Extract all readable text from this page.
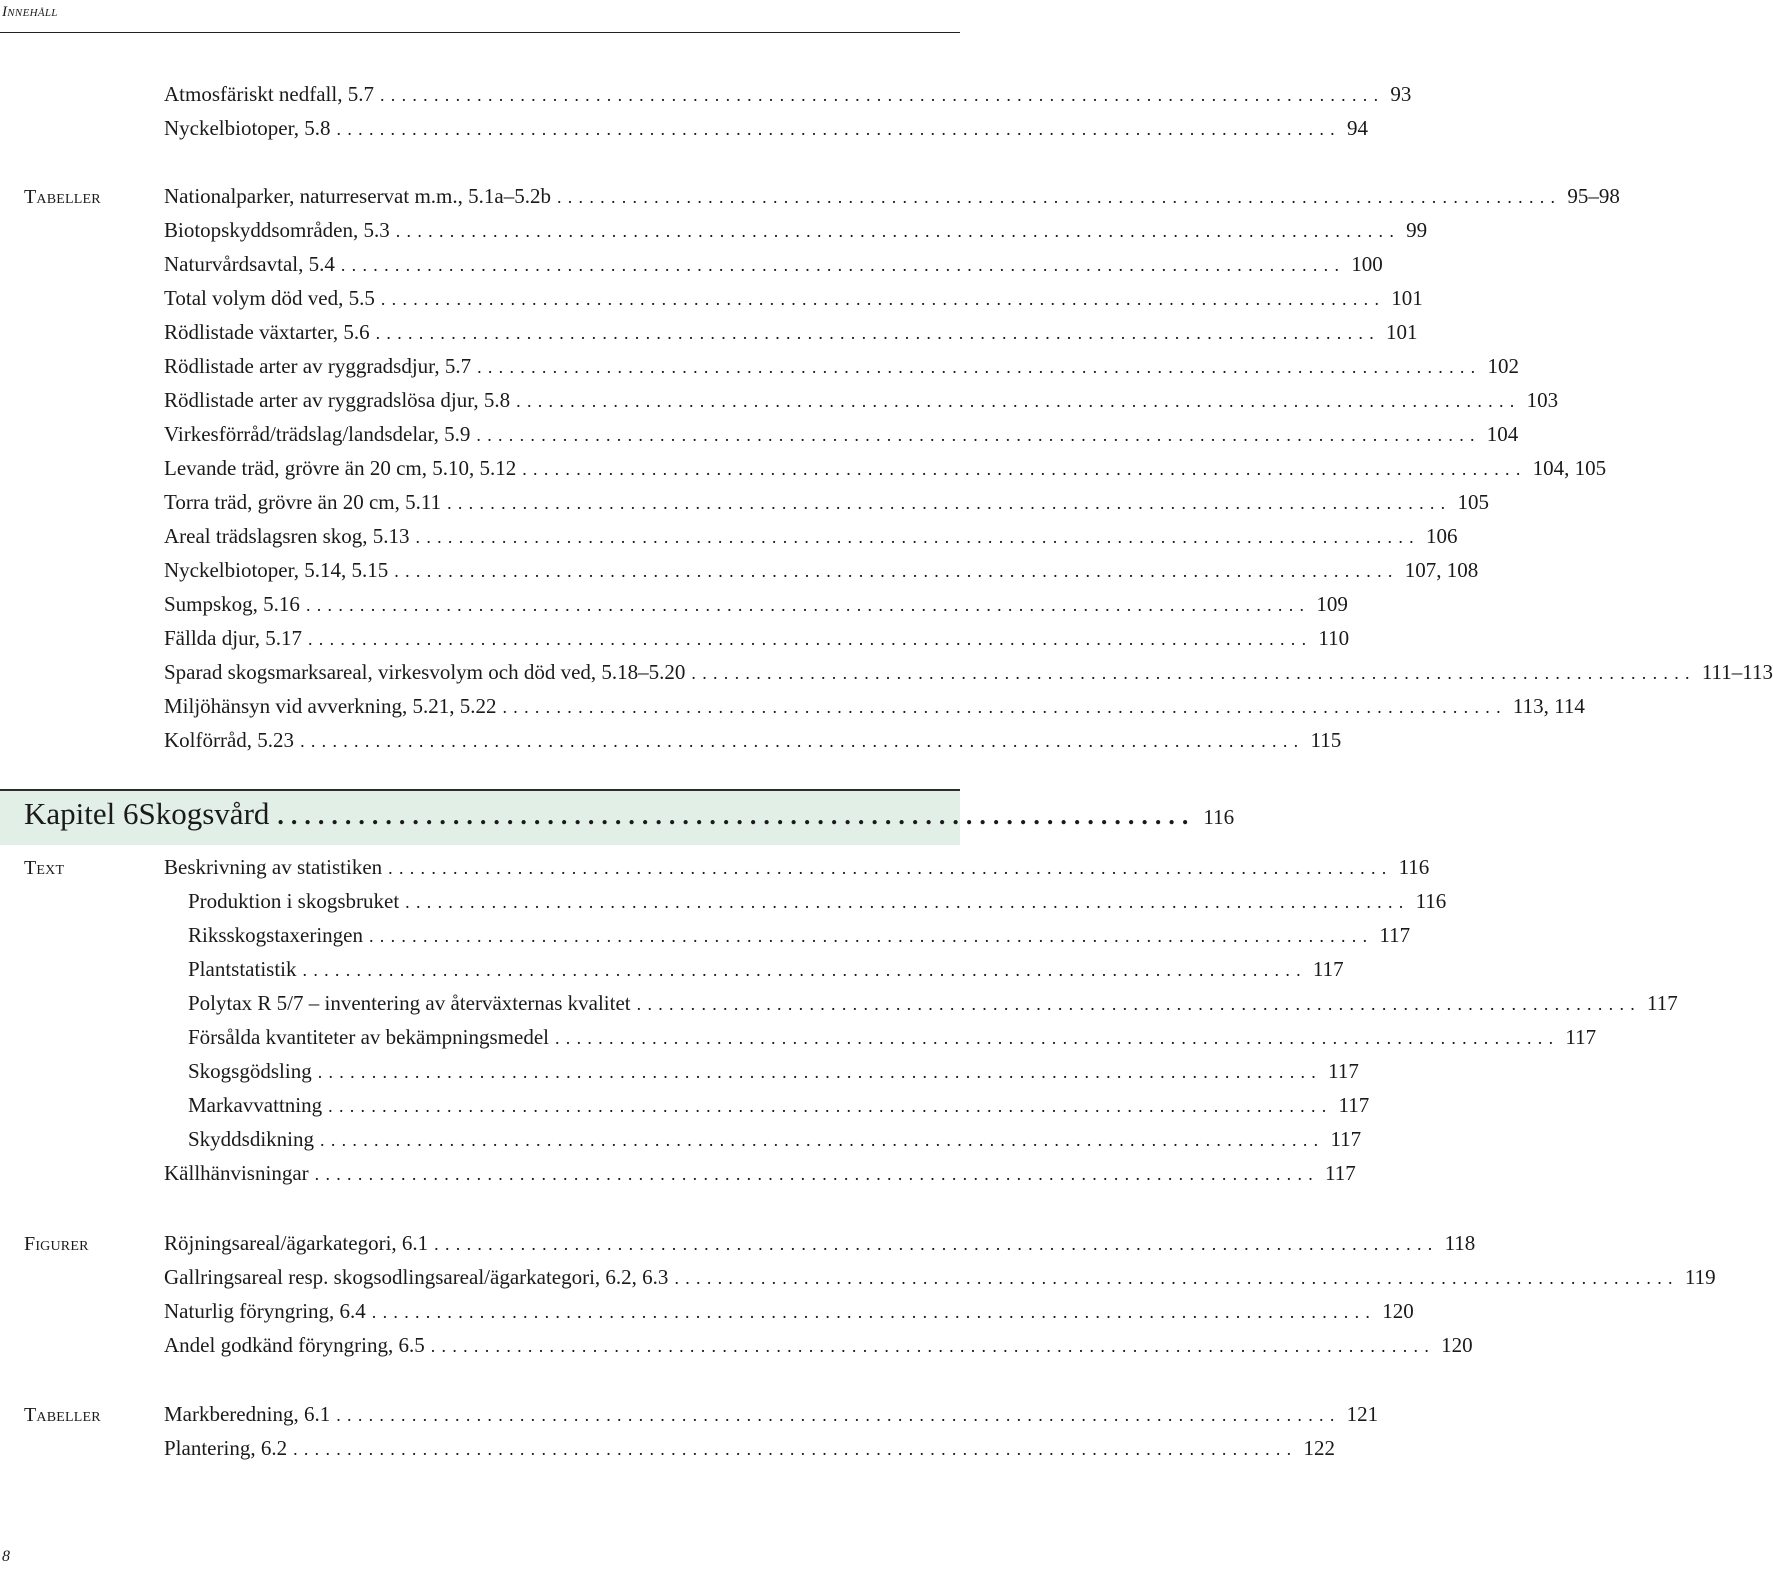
Innehåll
Atmosfäriskt nedfall, 5.7 ............................................................................................. 93
Nyckelbiotoper, 5.8 ............................................................................................. 94
Tabeller	Nationalparker, naturreservat m.m., 5.1a–5.2b ............................................................................................. 95–98
Biotopskyddsområden, 5.3 ............................................................................................. 99
Naturvårdsavtal, 5.4 ............................................................................................. 100
Total volym död ved, 5.5 ............................................................................................. 101
Rödlistade växtarter, 5.6 ............................................................................................. 101
Rödlistade arter av ryggradsdjur, 5.7 ............................................................................................. 102
Rödlistade arter av ryggradslösa djur, 5.8 ............................................................................................. 103
Virkesförråd/trädslag/landsdelar, 5.9 ............................................................................................. 104
Levande träd, grövre än 20 cm, 5.10, 5.12 ............................................................................................. 104, 105
Torra träd, grövre än 20 cm, 5.11 ............................................................................................. 105
Areal trädslagsren skog, 5.13 ............................................................................................. 106
Nyckelbiotoper, 5.14, 5.15 ............................................................................................. 107, 108
Sumpskog, 5.16 ............................................................................................. 109
Fällda djur, 5.17 ............................................................................................. 110
Sparad skogsmarksareal, virkesvolym och död ved, 5.18–5.20 ............................................................................................. 111–113
Miljöhänsyn vid avverkning, 5.21, 5.22 ............................................................................................. 113, 114
Kolförråd, 5.23 ............................................................................................. 115
Kapitel 6 Skogsvård .................................................................... 116
Text	Beskrivning av statistiken ............................................................................................. 116
Produktion i skogsbruket ............................................................................................. 116
Riksskogstaxeringen ............................................................................................. 117
Plantstatistik ............................................................................................. 117
Polytax R 5/7 – inventering av återväxternas kvalitet ............................................................................................. 117
Försålda kvantiteter av bekämpningsmedel ............................................................................................. 117
Skogsgödsling ............................................................................................. 117
Markavvattning ............................................................................................. 117
Skyddsdikning ............................................................................................. 117
Källhänvisningar ............................................................................................. 117
Figurer	Röjningsareal/ägarkategori, 6.1 ............................................................................................. 118
Gallringsareal resp. skogsodlingsareal/ägarkategori, 6.2, 6.3 ............................................................................................. 119
Naturlig föryngring, 6.4 ............................................................................................. 120
Andel godkänd föryngring, 6.5 ............................................................................................. 120
Tabeller	Markberedning, 6.1 ............................................................................................. 121
Plantering, 6.2 ............................................................................................. 122
8
